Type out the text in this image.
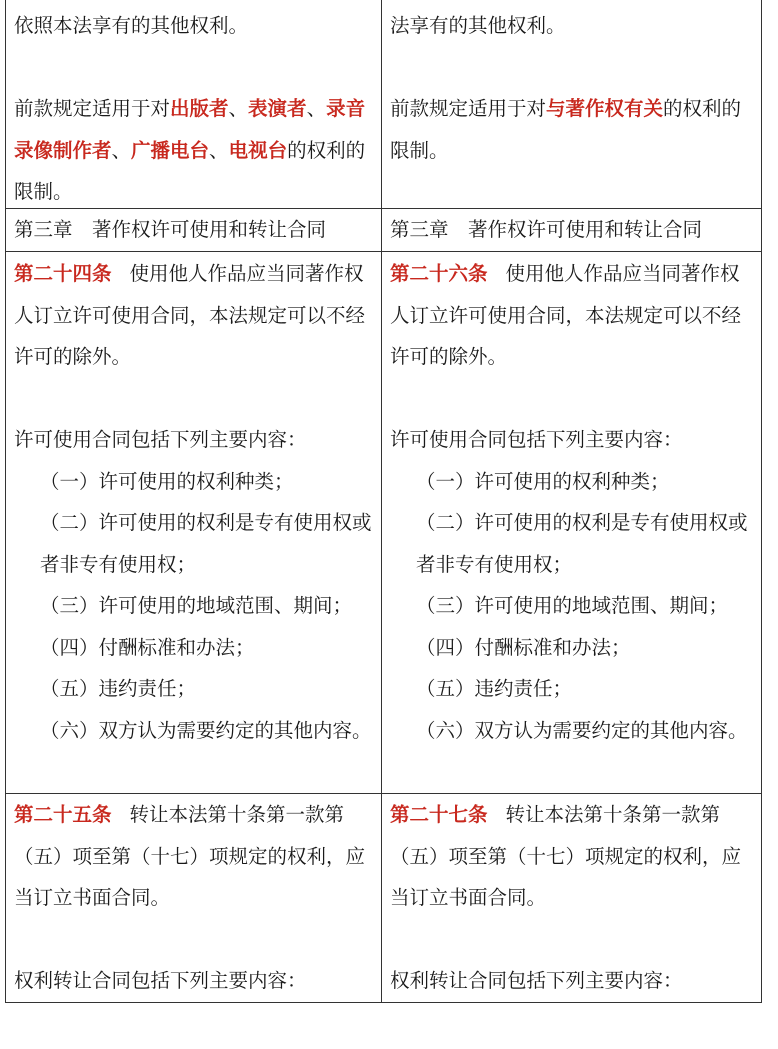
依照本法享有的其他权利。

前款规定适用于对出版者、表演者、录音录像制作者、广播电台、电视台的权利的限制。

法享有的其他权利。

前款规定适用于对与著作权有关的权利的限制。

第三章　著作权许可使用和转让合同	第三章　著作权许可使用和转让合同

第二十四条 使用他人作品应当同著作权人订立许可使用合同，本法规定可以不经许可的除外。

许可使用合同包括下列主要内容：

（一）许可使用的权利种类；

（二）许可使用的权利是专有使用权或者非专有使用权；

（三）许可使用的地域范围、期间；

（四）付酬标准和办法；

（五）违约责任；

（六）双方认为需要约定的其他内容。

第二十六条 使用他人作品应当同著作权人订立许可使用合同，本法规定可以不经许可的除外。

许可使用合同包括下列主要内容：

（一）许可使用的权利种类；

（二）许可使用的权利是专有使用权或者非专有使用权；

（三）许可使用的地域范围、期间；

（四）付酬标准和办法；

（五）违约责任；

（六）双方认为需要约定的其他内容。

第二十五条 转让本法第十条第一款第（五）项至第（十七）项规定的权利，应当订立书面合同。

权利转让合同包括下列主要内容：

第二十七条 转让本法第十条第一款第（五）项至第（十七）项规定的权利，应当订立书面合同。

权利转让合同包括下列主要内容：
